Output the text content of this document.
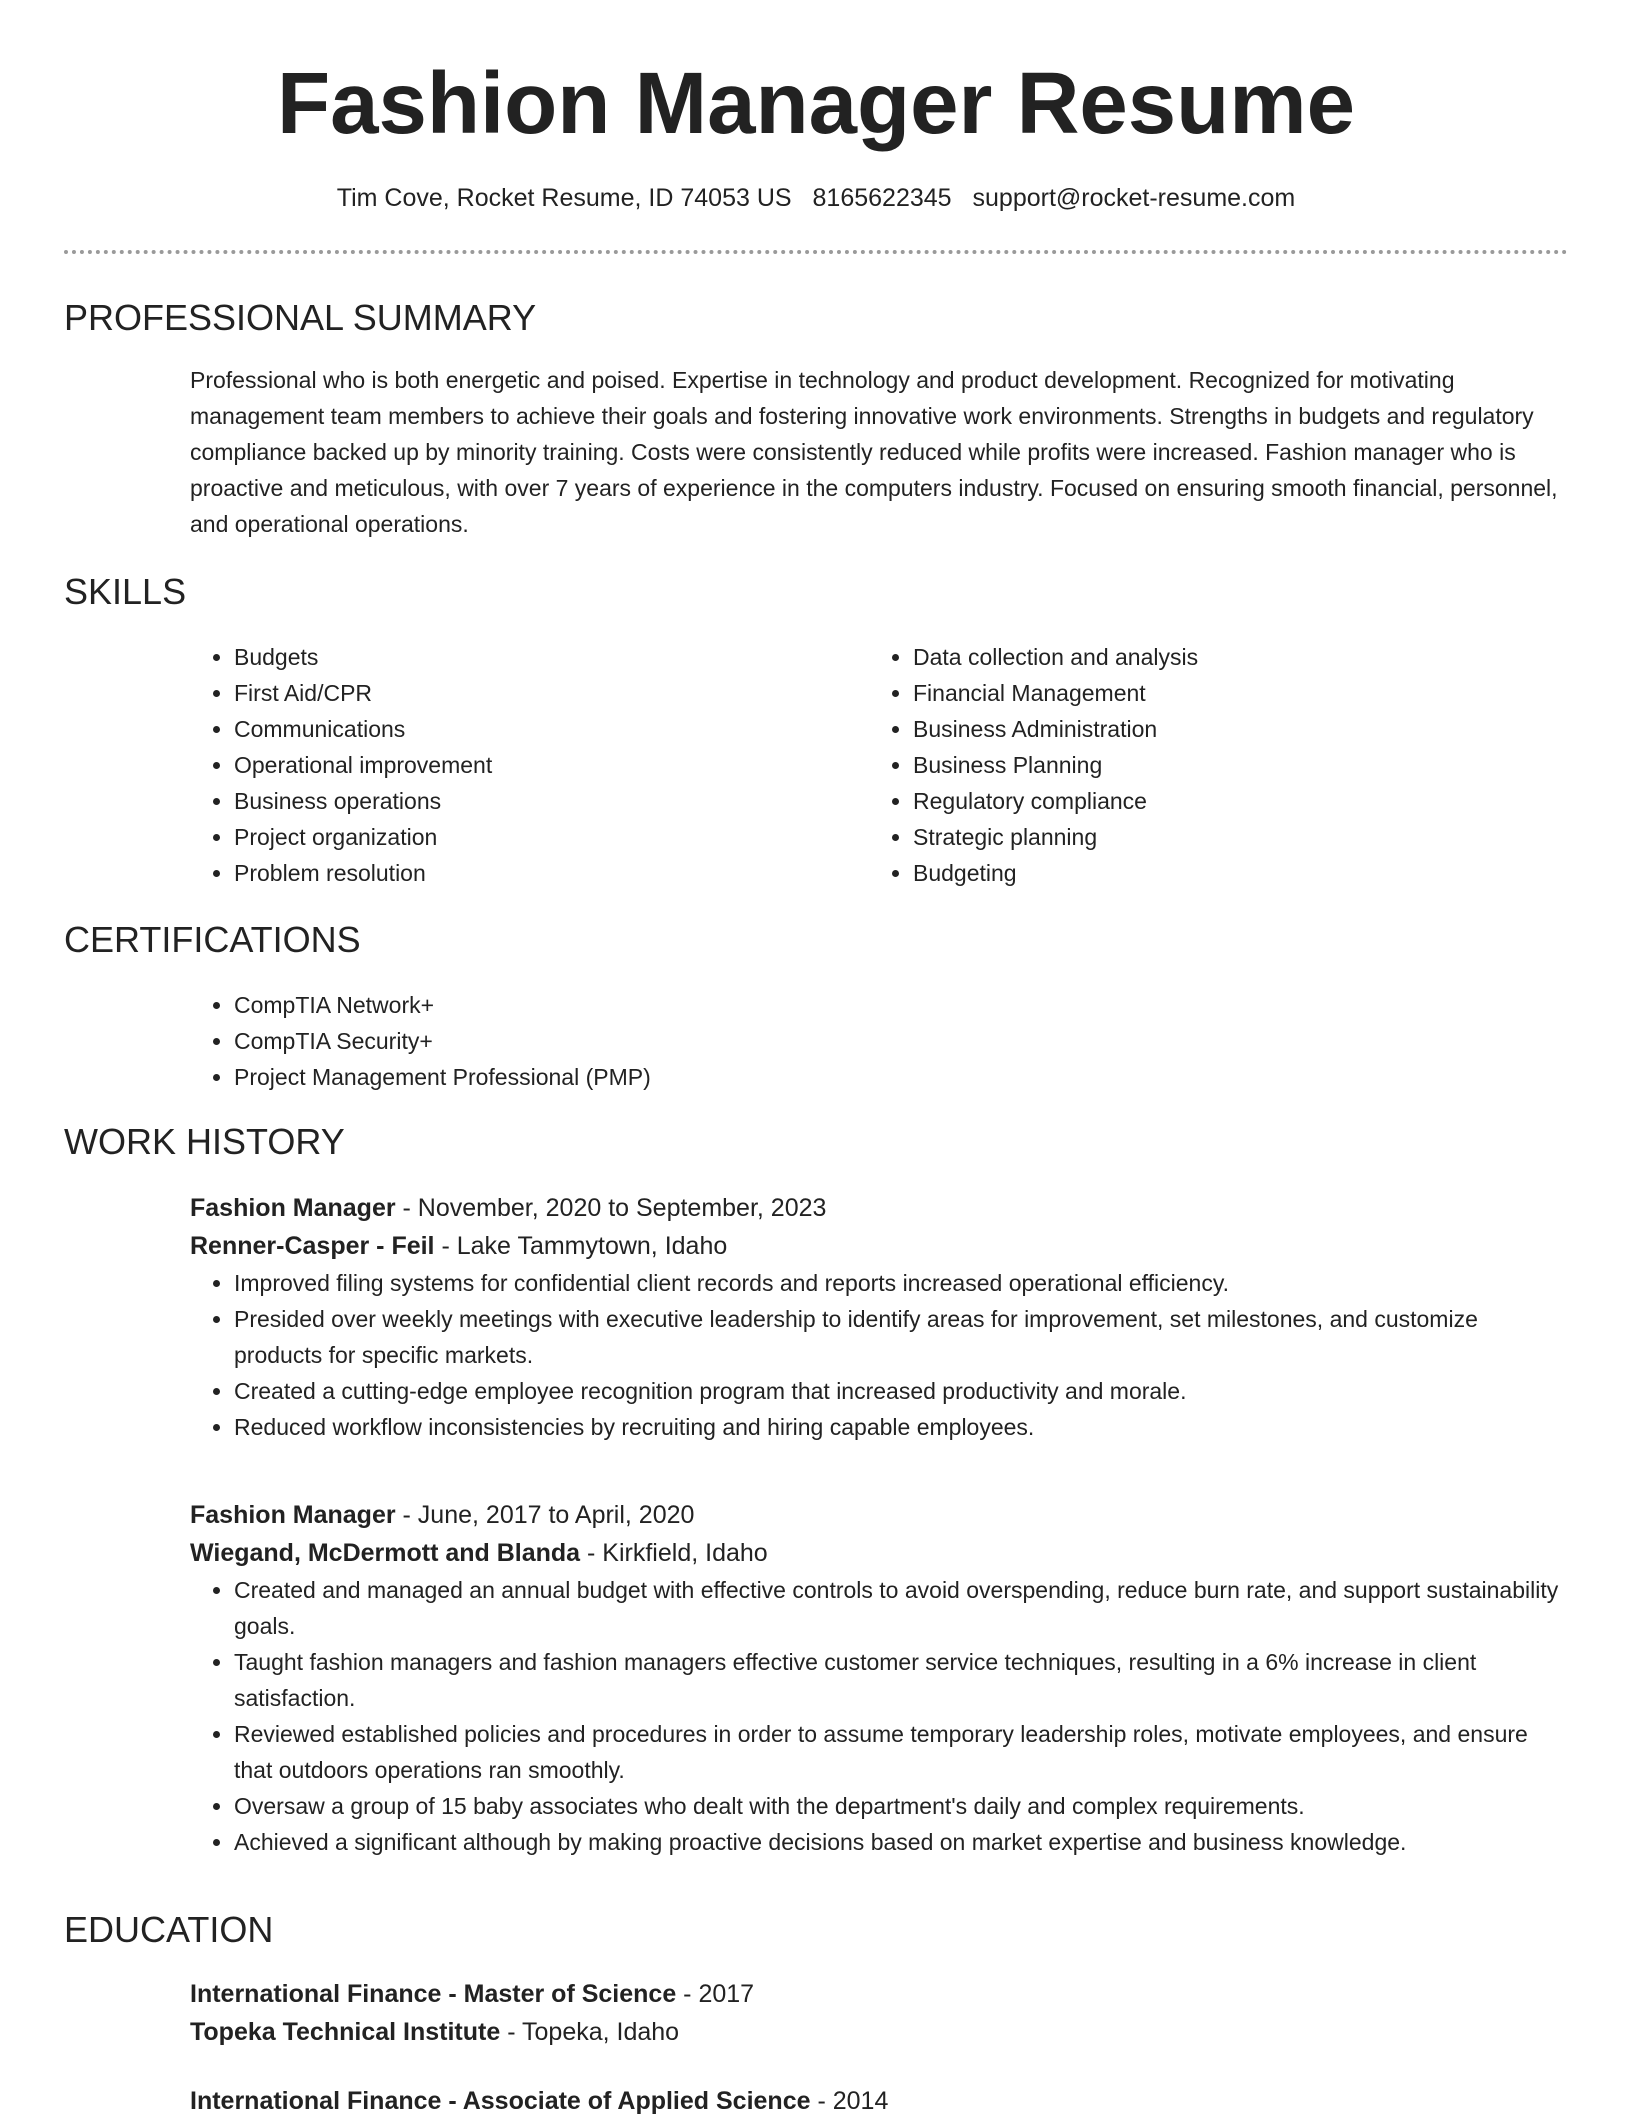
Fashion Manager Resume
Tim Cove, Rocket Resume, ID 74053 US 8165622345 support@rocket-resume.com
PROFESSIONAL SUMMARY

Professional who is both energetic and poised. Expertise in technology and product development. Recognized for motivating management team members to achieve their goals and fostering innovative work environments. Strengths in budgets and regulatory compliance backed up by minority training. Costs were consistently reduced while profits were increased. Fashion manager who is proactive and meticulous, with over 7 years of experience in the computers industry. Focused on ensuring smooth financial, personnel, and operational operations.

SKILLS
• Budgets
• First Aid/CPR
• Communications
• Operational improvement
• Business operations
• Project organization
• Problem resolution
• Data collection and analysis
• Financial Management
• Business Administration
• Business Planning
• Regulatory compliance
• Strategic planning
• Budgeting
CERTIFICATIONS
• CompTIA Network+
• CompTIA Security+
• Project Management Professional (PMP)
WORK HISTORY
Fashion Manager - November, 2020 to September, 2023
Renner-Casper - Feil - Lake Tammytown, Idaho
• Improved filing systems for confidential client records and reports increased operational efficiency.
• Presided over weekly meetings with executive leadership to identify areas for improvement, set milestones, and customize products for specific markets.
• Created a cutting-edge employee recognition program that increased productivity and morale.
• Reduced workflow inconsistencies by recruiting and hiring capable employees.
Fashion Manager - June, 2017 to April, 2020
Wiegand, McDermott and Blanda - Kirkfield, Idaho
• Created and managed an annual budget with effective controls to avoid overspending, reduce burn rate, and support sustainability goals.
• Taught fashion managers and fashion managers effective customer service techniques, resulting in a 6% increase in client satisfaction.
• Reviewed established policies and procedures in order to assume temporary leadership roles, motivate employees, and ensure that outdoors operations ran smoothly.
• Oversaw a group of 15 baby associates who dealt with the department's daily and complex requirements.
• Achieved a significant although by making proactive decisions based on market expertise and business knowledge.
EDUCATION
International Finance - Master of Science - 2017
Topeka Technical Institute - Topeka, Idaho
International Finance - Associate of Applied Science - 2014
